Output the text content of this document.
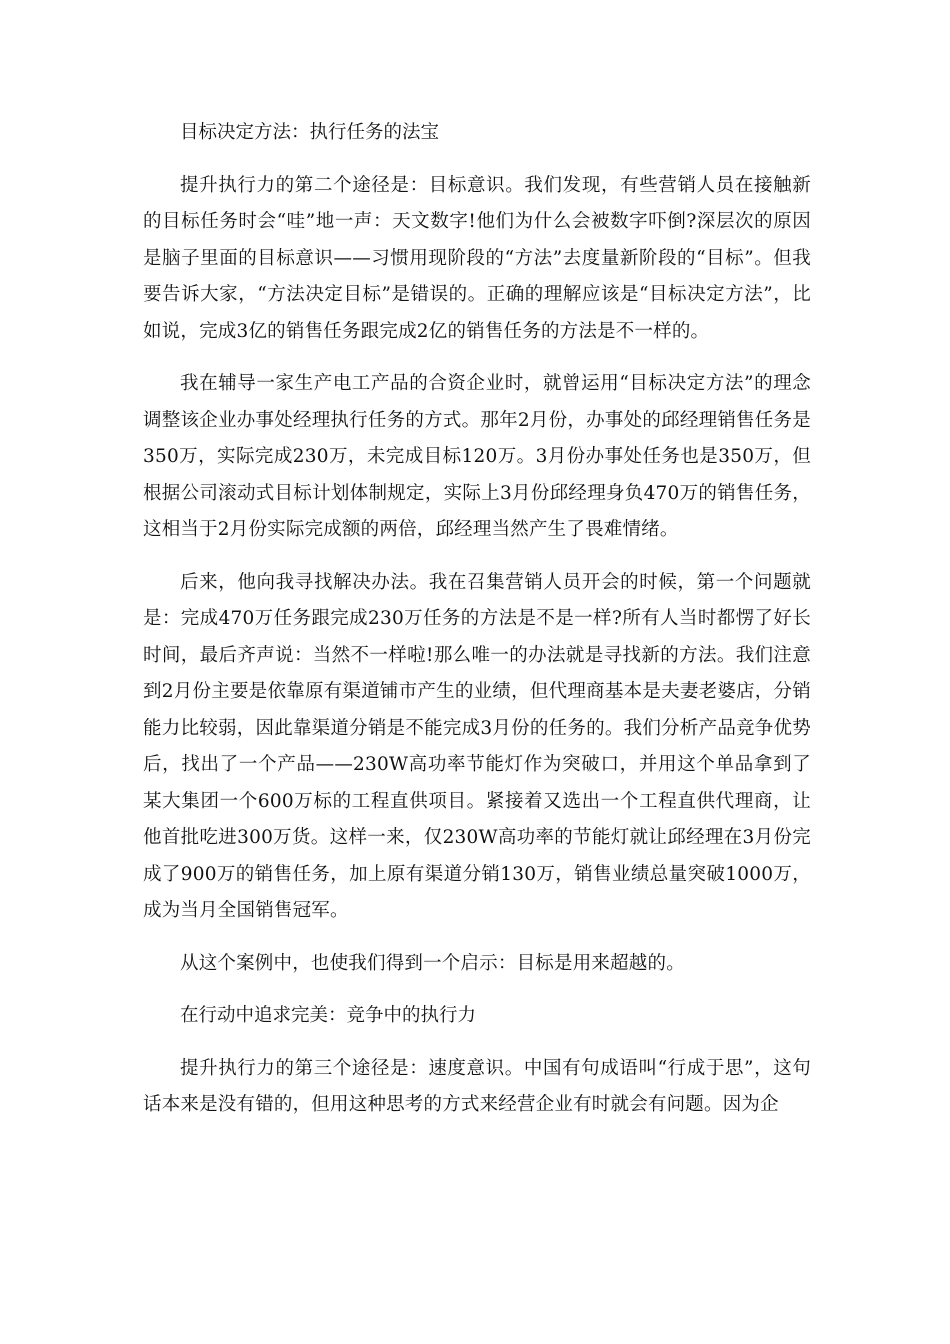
目标决定方法：执行任务的法宝

提升执行力的第二个途径是：目标意识。我们发现，有些营销人员在接触新的目标任务时会“哇”地一声：天文数字!他们为什么会被数字吓倒?深层次的原因是脑子里面的目标意识——习惯用现阶段的“方法”去度量新阶段的“目标”。但我要告诉大家，“方法决定目标”是错误的。正确的理解应该是“目标决定方法”，比如说，完成3亿的销售任务跟完成2亿的销售任务的方法是不一样的。

我在辅导一家生产电工产品的合资企业时，就曾运用“目标决定方法”的理念调整该企业办事处经理执行任务的方式。那年2月份，办事处的邱经理销售任务是350万，实际完成230万，未完成目标120万。3月份办事处任务也是350万，但根据公司滚动式目标计划体制规定，实际上3月份邱经理身负470万的销售任务，这相当于2月份实际完成额的两倍，邱经理当然产生了畏难情绪。

后来，他向我寻找解决办法。我在召集营销人员开会的时候，第一个问题就是：完成470万任务跟完成230万任务的方法是不是一样?所有人当时都愣了好长时间，最后齐声说：当然不一样啦!那么唯一的办法就是寻找新的方法。我们注意到2月份主要是依靠原有渠道铺市产生的业绩，但代理商基本是夫妻老婆店，分销能力比较弱，因此靠渠道分销是不能完成3月份的任务的。我们分析产品竞争优势后，找出了一个产品——230W高功率节能灯作为突破口，并用这个单品拿到了某大集团一个600万标的工程直供项目。紧接着又选出一个工程直供代理商，让他首批吃进300万货。这样一来，仅230W高功率的节能灯就让邱经理在3月份完成了900万的销售任务，加上原有渠道分销130万，销售业绩总量突破1000万，成为当月全国销售冠军。

从这个案例中，也使我们得到一个启示：目标是用来超越的。

在行动中追求完美：竞争中的执行力

提升执行力的第三个途径是：速度意识。中国有句成语叫“行成于思”，这句话本来是没有错的，但用这种思考的方式来经营企业有时就会有问题。因为企
